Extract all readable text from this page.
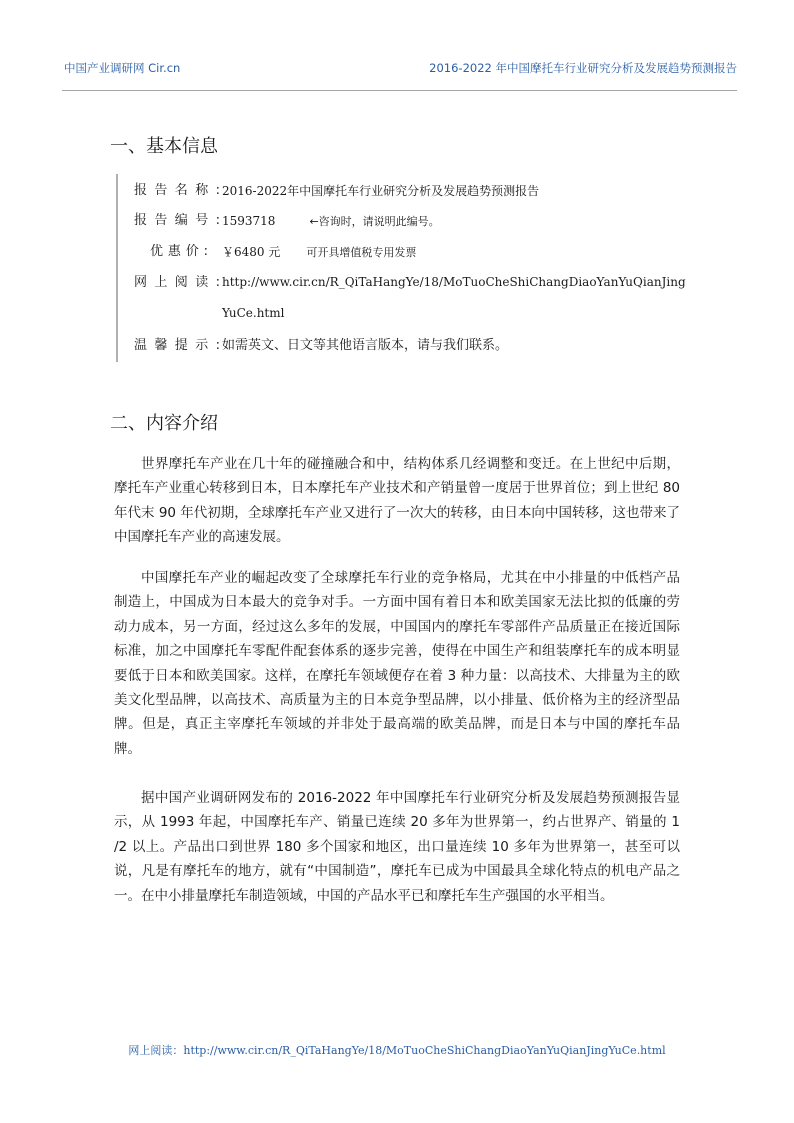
中国产业调研网 Cir.cn	2016-2022 年中国摩托车行业研究分析及发展趋势预测报告
一、基本信息
报告名称: 2016-2022年中国摩托车行业研究分析及发展趋势预测报告
报告编号: 1593718	←咨询时，请说明此编号。
优惠价: ￥6480 元 可开具增值税专用发票
网上阅读: http://www.cir.cn/R_QiTaHangYe/18/MoTuoCheShiChangDiaoYanYuQianJingYuCe.html
温馨提示: 如需英文、日文等其他语言版本，请与我们联系。
二、内容介绍

世界摩托车产业在几十年的碰撞融合和中，结构体系几经调整和变迁。在上世纪中后期，摩托车产业重心转移到日本，日本摩托车产业技术和产销量曾一度居于世界首位；到上世纪 80 年代末 90 年代初期，全球摩托车产业又进行了一次大的转移，由日本向中国转移，这也带来了中国摩托车产业的高速发展。

中国摩托车产业的崛起改变了全球摩托车行业的竞争格局，尤其在中小排量的中低档产品制造上，中国成为日本最大的竞争对手。一方面中国有着日本和欧美国家无法比拟的低廉的劳动力成本，另一方面，经过这么多年的发展，中国国内的摩托车零部件产品质量正在接近国际标准，加之中国摩托车零配件配套体系的逐步完善，使得在中国生产和组装摩托车的成本明显要低于日本和欧美国家。这样，在摩托车领域便存在着 3 种力量：以高技术、大排量为主的欧美文化型品牌，以高技术、高质量为主的日本竞争型品牌，以小排量、低价格为主的经济型品牌。但是，真正主宰摩托车领域的并非处于最高端的欧美品牌，而是日本与中国的摩托车品牌。

据中国产业调研网发布的 2016-2022 年中国摩托车行业研究分析及发展趋势预测报告显示，从 1993 年起，中国摩托车产、销量已连续 20 多年为世界第一，约占世界产、销量的 1 /2 以上。产品出口到世界 180 多个国家和地区，出口量连续 10 多年为世界第一，甚至可以说，凡是有摩托车的地方，就有“中国制造”，摩托车已成为中国最具全球化特点的机电产品之一。在中小排量摩托车制造领域，中国的产品水平已和摩托车生产强国的水平相当。

网上阅读：http://www.cir.cn/R_QiTaHangYe/18/MoTuoCheShiChangDiaoYanYuQianJingYuCe.html
